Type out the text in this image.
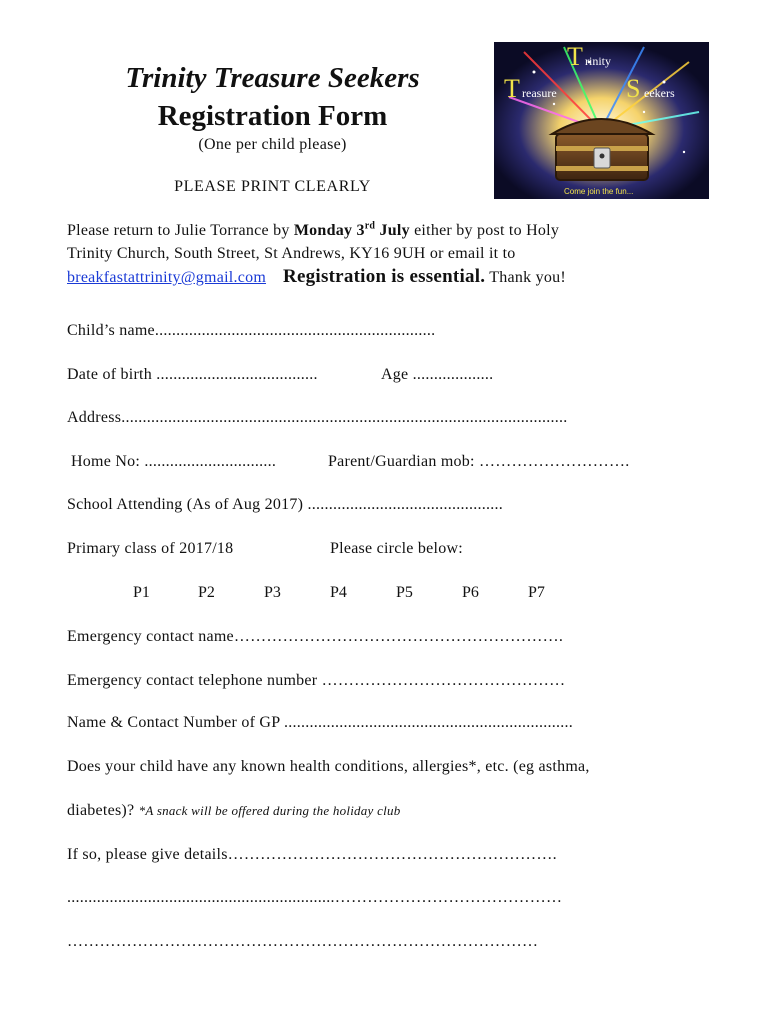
Trinity Treasure Seekers
Registration Form
(One per child please)
PLEASE PRINT CLEARLY
T rinity
T reasure	S eekers
Come join the fun...
Please return to Julie Torrance by Monday 3rd July either by post to Holy
Trinity Church, South Street, St Andrews, KY16 9UH or email it to
breakfastattrinity@gmail.com Registration is essential. Thank you!
Child’s name..................................................................
Date of birth ......................................	Age ...................
Address.........................................................................................................
Home No: ...............................	Parent/Guardian mob: ……………………….
School Attending (As of Aug 2017) ..............................................
Primary class of 2017/18	Please circle below:
P1	P2	P3	P4	P5	P6	P7
Emergency contact name…………………………………………………….
Emergency contact telephone number ………………………………………
Name & Contact Number of GP ....................................................................
Does your child have any known health conditions, allergies*, etc. (eg asthma,
diabetes)? *A snack will be offered during the holiday club
If so, please give details…………………………………………………….
...............................................................……………………………………
……………………………………………………………………………
